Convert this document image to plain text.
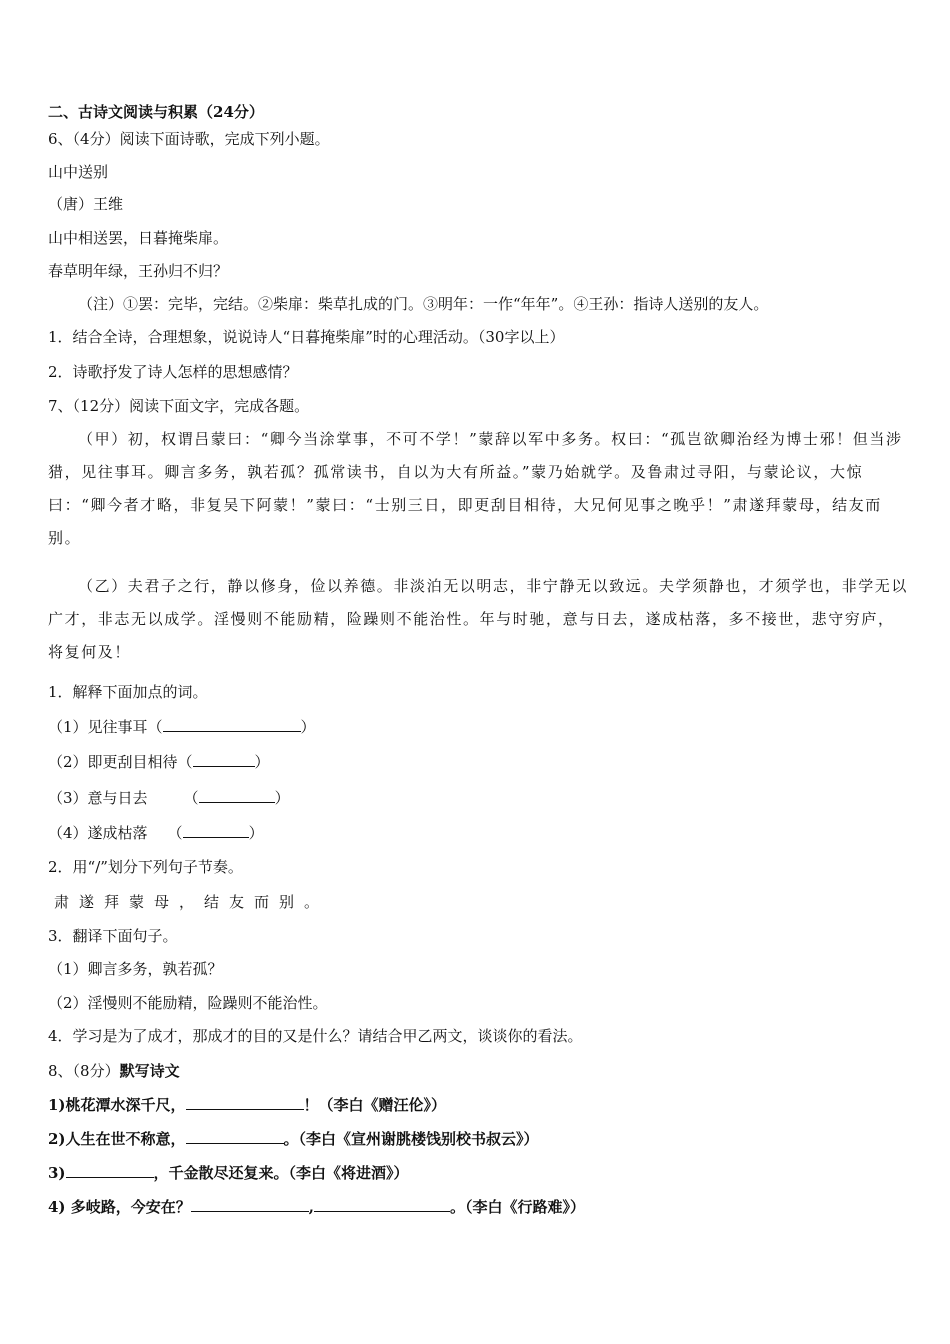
二、古诗文阅读与积累（24分）
6、（4分）阅读下面诗歌，完成下列小题。
山中送别
（唐）王维
山中相送罢，日暮掩柴扉。
春草明年绿，王孙归不归？
（注）①罢：完毕，完结。②柴扉：柴草扎成的门。③明年：一作“年年”。④王孙：指诗人送别的友人。
1．结合全诗，合理想象，说说诗人“日暮掩柴扉”时的心理活动。（30字以上）
2．诗歌抒发了诗人怎样的思想感情？
7、（12分）阅读下面文字，完成各题。
（甲）初，权谓吕蒙曰：“卿今当涂掌事，不可不学！”蒙辞以军中多务。权曰：“孤岂欲卿治经为博士邪！但当涉猎，见往事耳。卿言多务，孰若孤？孤常读书，自以为大有所益。”蒙乃始就学。及鲁肃过寻阳，与蒙论议，大惊曰：“卿今者才略，非复吴下阿蒙！”蒙曰：“士别三日，即更刮目相待，大兄何见事之晚乎！”肃遂拜蒙母，结友而别。
（乙）夫君子之行，静以修身，俭以养德。非淡泊无以明志，非宁静无以致远。夫学须静也，才须学也，非学无以广才，非志无以成学。淫慢则不能励精，险躁则不能治性。年与时驰，意与日去，遂成枯落，多不接世，悲守穷庐，将复何及！
1．解释下面加点的词。
（1）见往事耳（	）
（2）即更刮目相待（	）
（3）意与日去 （	）
（4）遂成枯落 （	）
2．用“/”划分下列句子节奏。
肃遂拜蒙母，结友而别。
3．翻译下面句子。
（1）卿言多务，孰若孤？
（2）淫慢则不能励精，险躁则不能治性。
4．学习是为了成才，那成才的目的又是什么？请结合甲乙两文，谈谈你的看法。
8、（8分）默写诗文
1)桃花潭水深千尺，	！（李白《赠汪伦》）
2)人生在世不称意，	。（李白《宣州谢朓楼饯别校书叔云》）
3)	，千金散尽还复来。（李白《将进酒》）
4) 多岐路，今安在？	,	。（李白《行路难》）
